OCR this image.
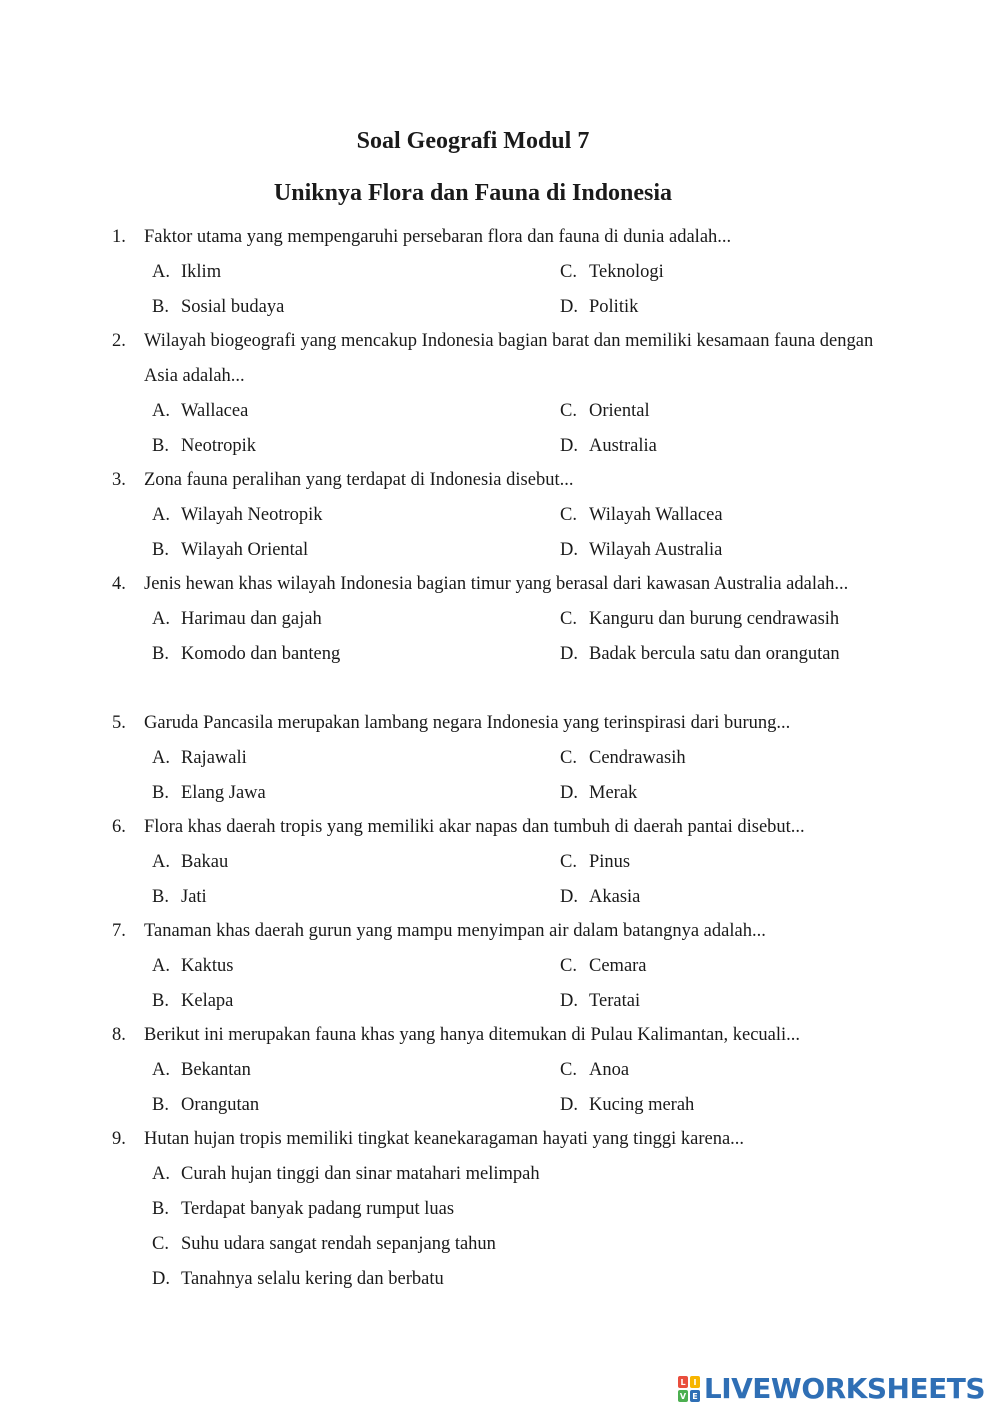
Soal Geografi Modul 7
Uniknya Flora dan Fauna di Indonesia
1. Faktor utama yang mempengaruhi persebaran flora dan fauna di dunia adalah...
A. Iklim	C. Teknologi
B. Sosial budaya	D. Politik
2. Wilayah biogeografi yang mencakup Indonesia bagian barat dan memiliki kesamaan fauna dengan Asia adalah...
A. Wallacea	C. Oriental
B. Neotropik	D. Australia
3. Zona fauna peralihan yang terdapat di Indonesia disebut...
A. Wilayah Neotropik	C. Wilayah Wallacea
B. Wilayah Oriental	D. Wilayah Australia
4. Jenis hewan khas wilayah Indonesia bagian timur yang berasal dari kawasan Australia adalah...
A. Harimau dan gajah	C. Kanguru dan burung cendrawasih
B. Komodo dan banteng	D. Badak bercula satu dan orangutan
5. Garuda Pancasila merupakan lambang negara Indonesia yang terinspirasi dari burung...
A. Rajawali	C. Cendrawasih
B. Elang Jawa	D. Merak
6. Flora khas daerah tropis yang memiliki akar napas dan tumbuh di daerah pantai disebut...
A. Bakau	C. Pinus
B. Jati	D. Akasia
7. Tanaman khas daerah gurun yang mampu menyimpan air dalam batangnya adalah...
A. Kaktus	C. Cemara
B. Kelapa	D. Teratai
8. Berikut ini merupakan fauna khas yang hanya ditemukan di Pulau Kalimantan, kecuali...
A. Bekantan	C. Anoa
B. Orangutan	D. Kucing merah
9. Hutan hujan tropis memiliki tingkat keanekaragaman hayati yang tinggi karena...
A. Curah hujan tinggi dan sinar matahari melimpah
B. Terdapat banyak padang rumput luas
C. Suhu udara sangat rendah sepanjang tahun
D. Tanahnya selalu kering dan berbatu
L I
V E LIVEWORKSHEETS
